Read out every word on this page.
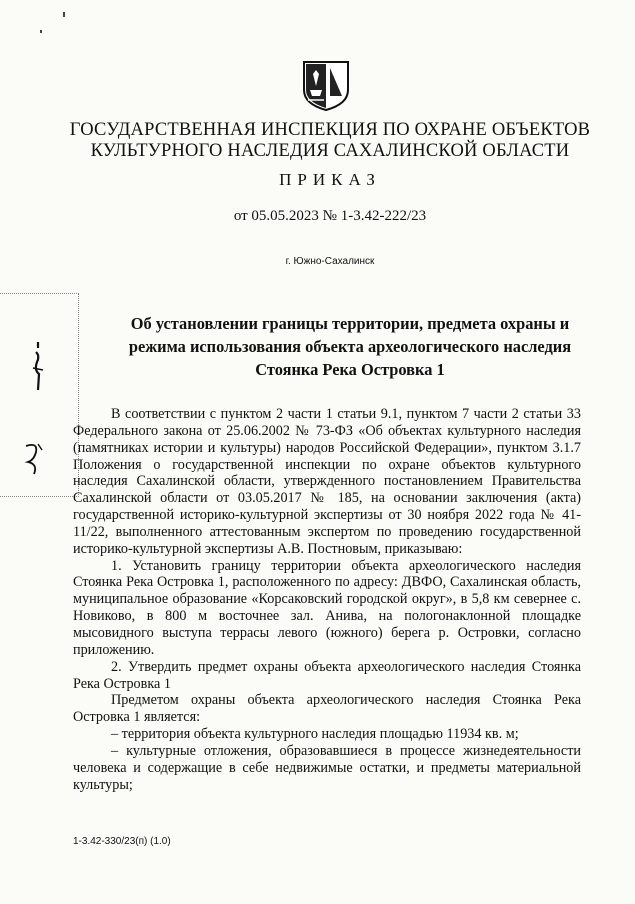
ГОСУДАРСТВЕННАЯ ИНСПЕКЦИЯ ПО ОХРАНЕ ОБЪЕКТОВ
КУЛЬТУРНОГО НАСЛЕДИЯ САХАЛИНСКОЙ ОБЛАСТИ
ПРИКАЗ
от 05.05.2023 № 1-3.42-222/23
г. Южно-Сахалинск
Об установлении границы территории, предмета охраны и
режима использования объекта археологического наследия
Стоянка Река Островка 1

В соответствии с пунктом 2 части 1 статьи 9.1, пунктом 7 части 2 статьи 33 Федерального закона от 25.06.2002 № 73-ФЗ «Об объектах культурного наследия (памятниках истории и культуры) народов Российской Федерации», пунктом 3.1.7 Положения о государственной инспекции по охране объектов культурного наследия Сахалинской области, утвержденного постановлением Правительства Сахалинской области от 03.05.2017 № 185, на основании заключения (акта) государственной историко-культурной экспертизы от 30 ноября 2022 года № 41-11/22, выполненного аттестованным экспертом по проведению государственной историко-культурной экспертизы А.В. Постновым, приказываю:

1. Установить границу территории объекта археологического наследия Стоянка Река Островка 1, расположенного по адресу: ДВФО, Сахалинская область, муниципальное образование «Корсаковский городской округ», в 5,8 км севернее с. Новиково, в 800 м восточнее зал. Анива, на пологонаклонной площадке мысовидного выступа террасы левого (южного) берега р. Островки, согласно приложению.

2. Утвердить предмет охраны объекта археологического наследия Стоянка Река Островка 1

Предметом охраны объекта археологического наследия Стоянка Река Островка 1 является:

– территория объекта культурного наследия площадью 11934 кв. м;

– культурные отложения, образовавшиеся в процессе жизнедеятельности человека и содержащие в себе недвижимые остатки, и предметы материальной культуры;

1-3.42-330/23(п) (1.0)
